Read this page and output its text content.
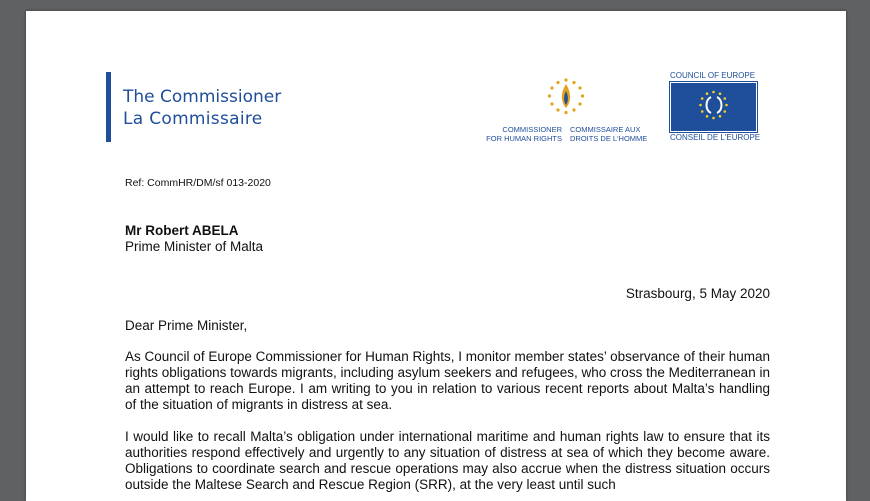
The Commissioner
La Commissaire
COMMISSIONER
FOR HUMAN RIGHTS
COMMISSAIRE AUX
DROITS DE L'HOMME
COUNCIL OF EUROPE
CONSEIL DE L'EUROPE
Ref: CommHR/DM/sf 013-2020
Mr Robert ABELA
Prime Minister of Malta
Strasbourg, 5 May 2020
Dear Prime Minister,

As Council of Europe Commissioner for Human Rights, I monitor member states’ observance of their human rights obligations towards migrants, including asylum seekers and refugees, who cross the Mediterranean in an attempt to reach Europe. I am writing to you in relation to various recent reports about Malta’s handling of the situation of migrants in distress at sea.

I would like to recall Malta’s obligation under international maritime and human rights law to ensure that its authorities respond effectively and urgently to any situation of distress at sea of which they become aware. Obligations to coordinate search and rescue operations may also accrue when the distress situation occurs outside the Maltese Search and Rescue Region (SRR), at the very least until such
